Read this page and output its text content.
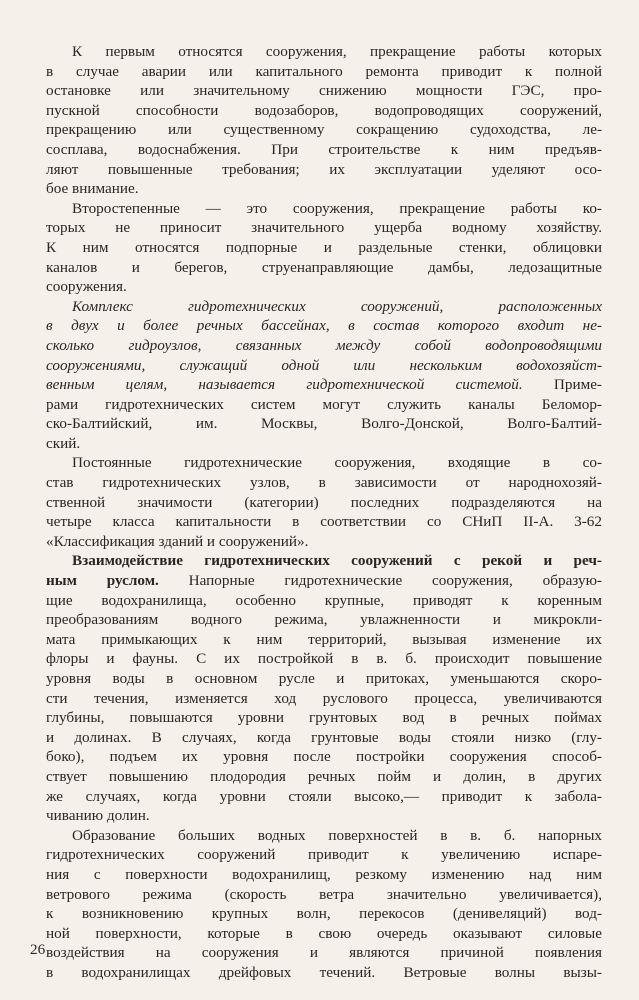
К первым относятся сооружения, прекращение работы которых
в случае аварии или капитального ремонта приводит к полной
остановке или значительному снижению мощности ГЭС, про-
пускной способности водозаборов, водопроводящих сооружений,
прекращению или существенному сокращению судоходства, ле-
сосплава, водоснабжения. При строительстве к ним предъяв-
ляют повышенные требования; их эксплуатации уделяют осо-
бое внимание.
Второстепенные — это сооружения, прекращение работы ко-
торых не приносит значительного ущерба водному хозяйству.
К ним относятся подпорные и раздельные стенки, облицовки
каналов и берегов, струенаправляющие дамбы, ледозащитные
сооружения.
Комплекс гидротехнических сооружений, расположенных
в двух и более речных бассейнах, в состав которого входит не-
сколько гидроузлов, связанных между собой водопроводящими
сооружениями, служащий одной или нескольким водохозяйст-
венным целям, называется гидротехнической системой. Приме-
рами гидротехнических систем могут служить каналы Беломор-
ско-Балтийский, им. Москвы, Волго-Донской, Волго-Балтий-
ский.
Постоянные гидротехнические сооружения, входящие в со-
став гидротехнических узлов, в зависимости от народнохозяй-
ственной значимости (категории) последних подразделяются на
четыре класса капитальности в соответствии со СНиП II-А. 3-62
«Классификация зданий и сооружений».
Взаимодействие гидротехнических сооружений с рекой и реч-
ным руслом. Напорные гидротехнические сооружения, образую-
щие водохранилища, особенно крупные, приводят к коренным
преобразованиям водного режима, увлажненности и микрокли-
мата примыкающих к ним территорий, вызывая изменение их
флоры и фауны. С их постройкой в в. б. происходит повышение
уровня воды в основном русле и притоках, уменьшаются скоро-
сти течения, изменяется ход руслового процесса, увеличиваются
глубины, повышаются уровни грунтовых вод в речных поймах
и долинах. В случаях, когда грунтовые воды стояли низко (глу-
боко), подъем их уровня после постройки сооружения способ-
ствует повышению плодородия речных пойм и долин, в других
же случаях, когда уровни стояли высоко,— приводит к забола-
чиванию долин.
Образование больших водных поверхностей в в. б. напорных
гидротехнических сооружений приводит к увеличению испаре-
ния с поверхности водохранилищ, резкому изменению над ним
ветрового режима (скорость ветра значительно увеличивается),
к возникновению крупных волн, перекосов (денивеляций) вод-
ной поверхности, которые в свою очередь оказывают силовые
воздействия на сооружения и являются причиной появления
в водохранилищах дрейфовых течений. Ветровые волны вызы-
26
